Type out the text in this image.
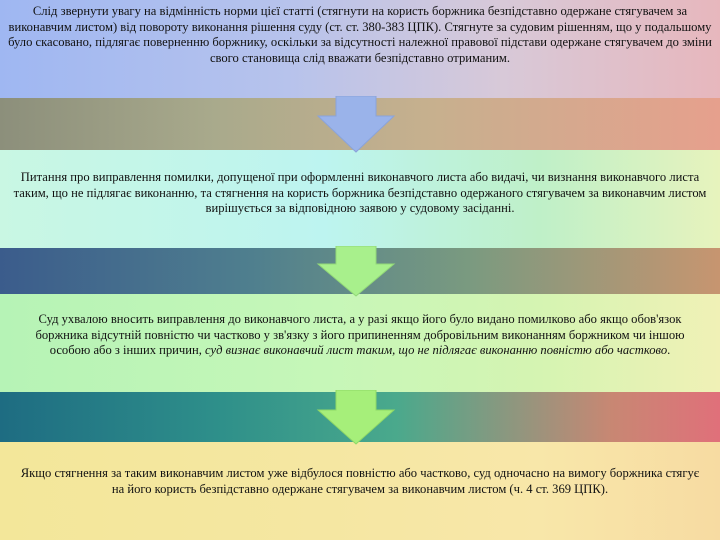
Слід звернути увагу на відмінність норми цієї статті (стягнути на користь боржника безпідставно одержане стягувачем за виконавчим листом) від повороту виконання рішення суду (ст. ст. 380-383 ЦПК). Стягнуте за судовим рішенням, що у подальшому було скасовано, підлягає поверненню боржнику, оскільки за відсутності належної правової підстави одержане стягувачем до зміни свого становища слід вважати безпідставно отриманим.
Питання про виправлення помилки, допущеної при оформленні виконавчого листа або видачі, чи визнання виконавчого листа таким, що не підлягає виконанню, та стягнення на користь боржника безпідставно одержаного стягувачем за виконавчим листом вирішується за відповідною заявою у судовому засіданні.
Суд ухвалою вносить виправлення до виконавчого листа, а у разі якщо його було видано помилково або якщо обов'язок боржника відсутній повністю чи частково у зв'язку з його припиненням добровільним виконанням боржником чи іншою особою або з інших причин, суд визнає виконавчий лист таким, що не підлягає виконанню повністю або частково.
Якщо стягнення за таким виконавчим листом уже відбулося повністю або частково, суд одночасно на вимогу боржника стягує на його користь безпідставно одержане стягувачем за виконавчим листом (ч. 4 ст. 369 ЦПК).
